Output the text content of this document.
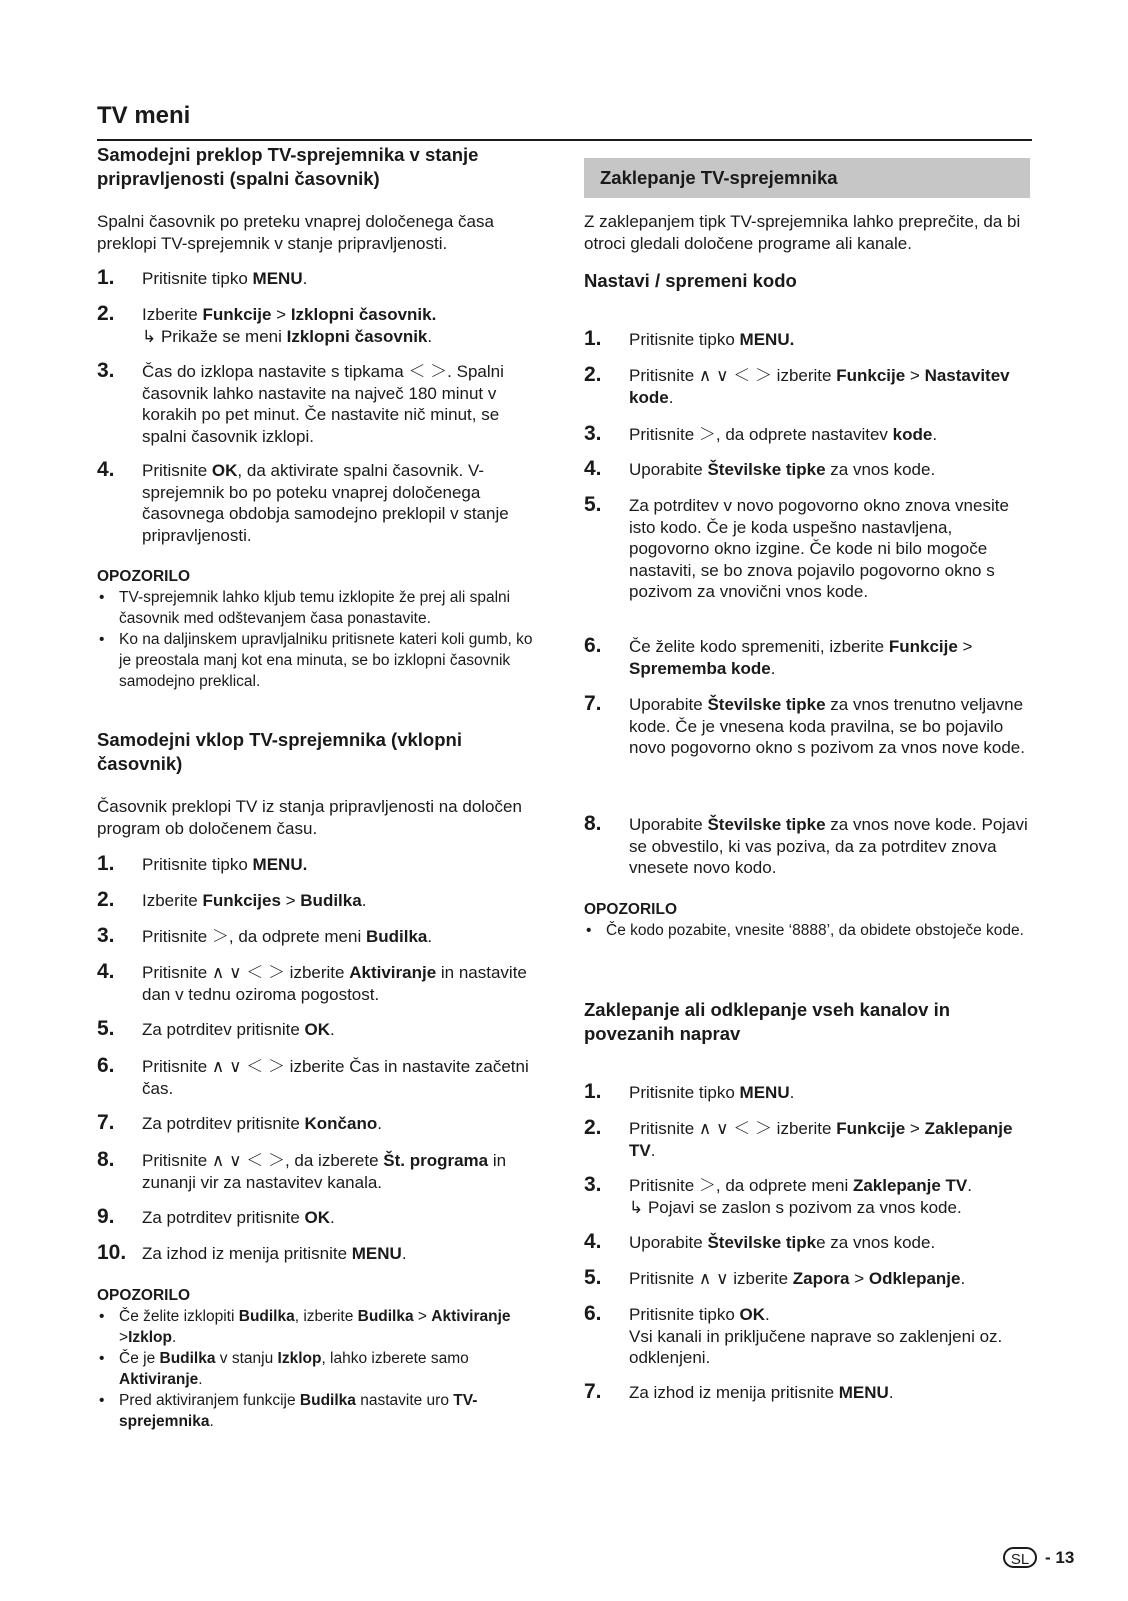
TV meni
Samodejni preklop TV-sprejemnika v stanje pripravljenosti (spalni časovnik)

Spalni časovnik po preteku vnaprej določenega časa preklopi TV-sprejemnik v stanje pripravljenosti.

1. Pritisnite tipko MENU.
2. Izberite Funkcije > Izklopni časovnik.
↳ Prikaže se meni Izklopni časovnik.
3. Čas do izklopa nastavite s tipkama ＜ ＞. Spalni časovnik lahko nastavite na največ 180 minut v korakih po pet minut. Če nastavite nič minut, se spalni časovnik izklopi.
4. Pritisnite OK, da aktivirate spalni časovnik. V-sprejemnik bo po poteku vnaprej določenega časovnega obdobja samodejno preklopil v stanje pripravljenosti.
OPOZORILO
• TV-sprejemnik lahko kljub temu izklopite že prej ali spalni časovnik med odštevanjem časa ponastavite.
• Ko na daljinskem upravljalniku pritisnete kateri koli gumb, ko je preostala manj kot ena minuta, se bo izklopni časovnik samodejno preklical.
Samodejni vklop TV-sprejemnika (vklopni časovnik)

Časovnik preklopi TV iz stanja pripravljenosti na določen program ob določenem času.

1. Pritisnite tipko MENU.
2. Izberite Funkcijes > Budilka.
3. Pritisnite ＞, da odprete meni Budilka.
4. Pritisnite ∧ ∨ ＜ ＞ izberite Aktiviranje in nastavite dan v tednu oziroma pogostost.
5. Za potrditev pritisnite OK.
6. Pritisnite ∧ ∨ ＜ ＞ izberite Čas in nastavite začetni čas.
7. Za potrditev pritisnite Končano.
8. Pritisnite ∧ ∨ ＜ ＞, da izberete Št. programa in zunanji vir za nastavitev kanala.
9. Za potrditev pritisnite OK.
10. Za izhod iz menija pritisnite MENU.
OPOZORILO
• Če želite izklopiti Budilka, izberite Budilka > Aktiviranje >Izklop.
• Če je Budilka v stanju Izklop, lahko izberete samo Aktiviranje.
• Pred aktiviranjem funkcije Budilka nastavite uro TV-sprejemnika.
Zaklepanje TV-sprejemnika

Z zaklepanjem tipk TV-sprejemnika lahko preprečite, da bi otroci gledali določene programe ali kanale.

Nastavi / spremeni kodo
1. Pritisnite tipko MENU.
2. Pritisnite ∧ ∨ ＜ ＞ izberite Funkcije > Nastavitev kode.
3. Pritisnite ＞, da odprete nastavitev kode.
4. Uporabite Številske tipke za vnos kode.
5. Za potrditev v novo pogovorno okno znova vnesite isto kodo. Če je koda uspešno nastavljena, pogovorno okno izgine. Če kode ni bilo mogoče nastaviti, se bo znova pojavilo pogovorno okno s pozivom za vnovični vnos kode.
6. Če želite kodo spremeniti, izberite Funkcije > Sprememba kode.
7. Uporabite Številske tipke za vnos trenutno veljavne kode. Če je vnesena koda pravilna, se bo pojavilo novo pogovorno okno s pozivom za vnos nove kode.
8. Uporabite Številske tipke za vnos nove kode. Pojavi se obvestilo, ki vas poziva, da za potrditev znova vnesete novo kodo.
OPOZORILO
• Če kodo pozabite, vnesite ‘8888’, da obidete obstoječe kode.
Zaklepanje ali odklepanje vseh kanalov in povezanih naprav
1. Pritisnite tipko MENU.
2. Pritisnite ∧ ∨ ＜ ＞ izberite Funkcije > Zaklepanje TV.
3. Pritisnite ＞, da odprete meni Zaklepanje TV.
↳ Pojavi se zaslon s pozivom za vnos kode.
4. Uporabite Številske tipke za vnos kode.
5. Pritisnite ∧ ∨ izberite Zapora > Odklepanje.
6. Pritisnite tipko OK.
Vsi kanali in priključene naprave so zaklenjeni oz. odklenjeni.
7. Za izhod iz menija pritisnite MENU.
SL - 13
